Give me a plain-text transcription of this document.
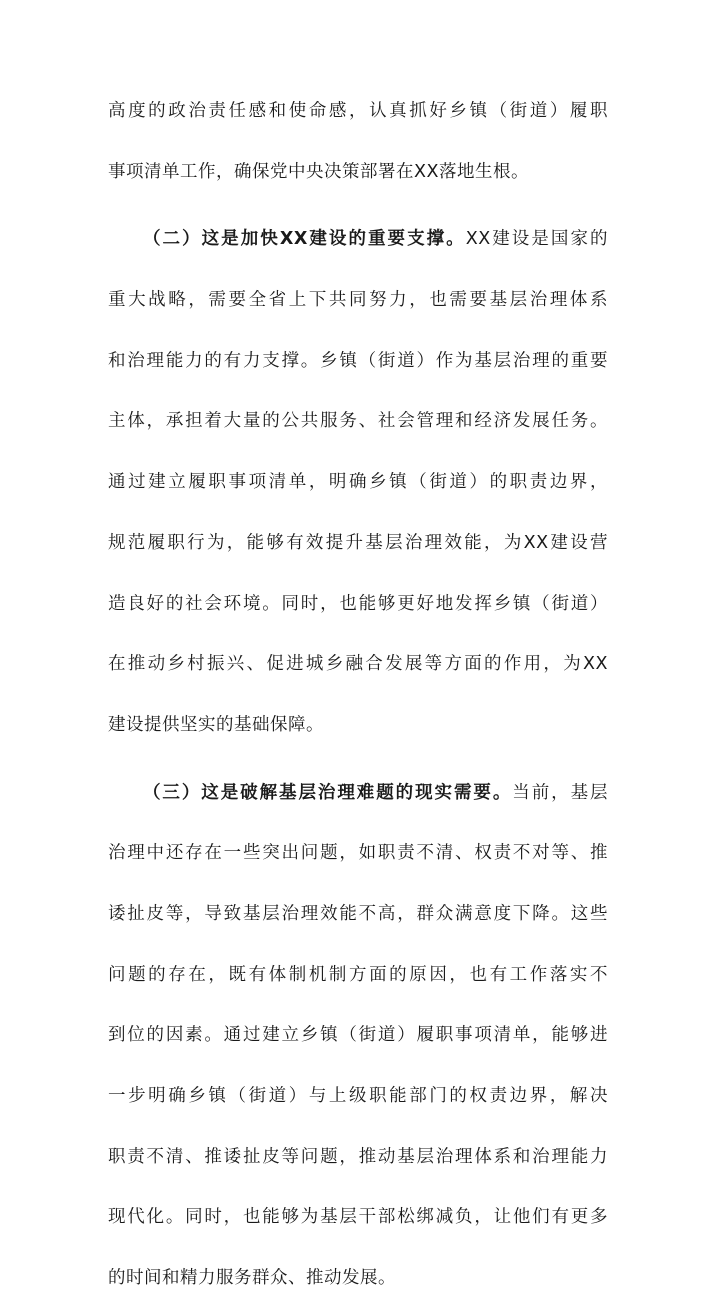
高度的政治责任感和使命感，认真抓好乡镇（街道）履职

事项清单工作，确保党中央决策部署在XX落地生根。

（二）这是加快XX建设的重要支撑。XX建设是国家的

重大战略，需要全省上下共同努力，也需要基层治理体系

和治理能力的有力支撑。乡镇（街道）作为基层治理的重要

主体，承担着大量的公共服务、社会管理和经济发展任务。

通过建立履职事项清单，明确乡镇（街道）的职责边界，

规范履职行为，能够有效提升基层治理效能，为XX建设营

造良好的社会环境。同时，也能够更好地发挥乡镇（街道）

在推动乡村振兴、促进城乡融合发展等方面的作用，为XX

建设提供坚实的基础保障。

（三）这是破解基层治理难题的现实需要。当前，基层

治理中还存在一些突出问题，如职责不清、权责不对等、推

诿扯皮等，导致基层治理效能不高，群众满意度下降。这些

问题的存在，既有体制机制方面的原因，也有工作落实不

到位的因素。通过建立乡镇（街道）履职事项清单，能够进

一步明确乡镇（街道）与上级职能部门的权责边界，解决

职责不清、推诿扯皮等问题，推动基层治理体系和治理能力

现代化。同时，也能够为基层干部松绑减负，让他们有更多

的时间和精力服务群众、推动发展。
